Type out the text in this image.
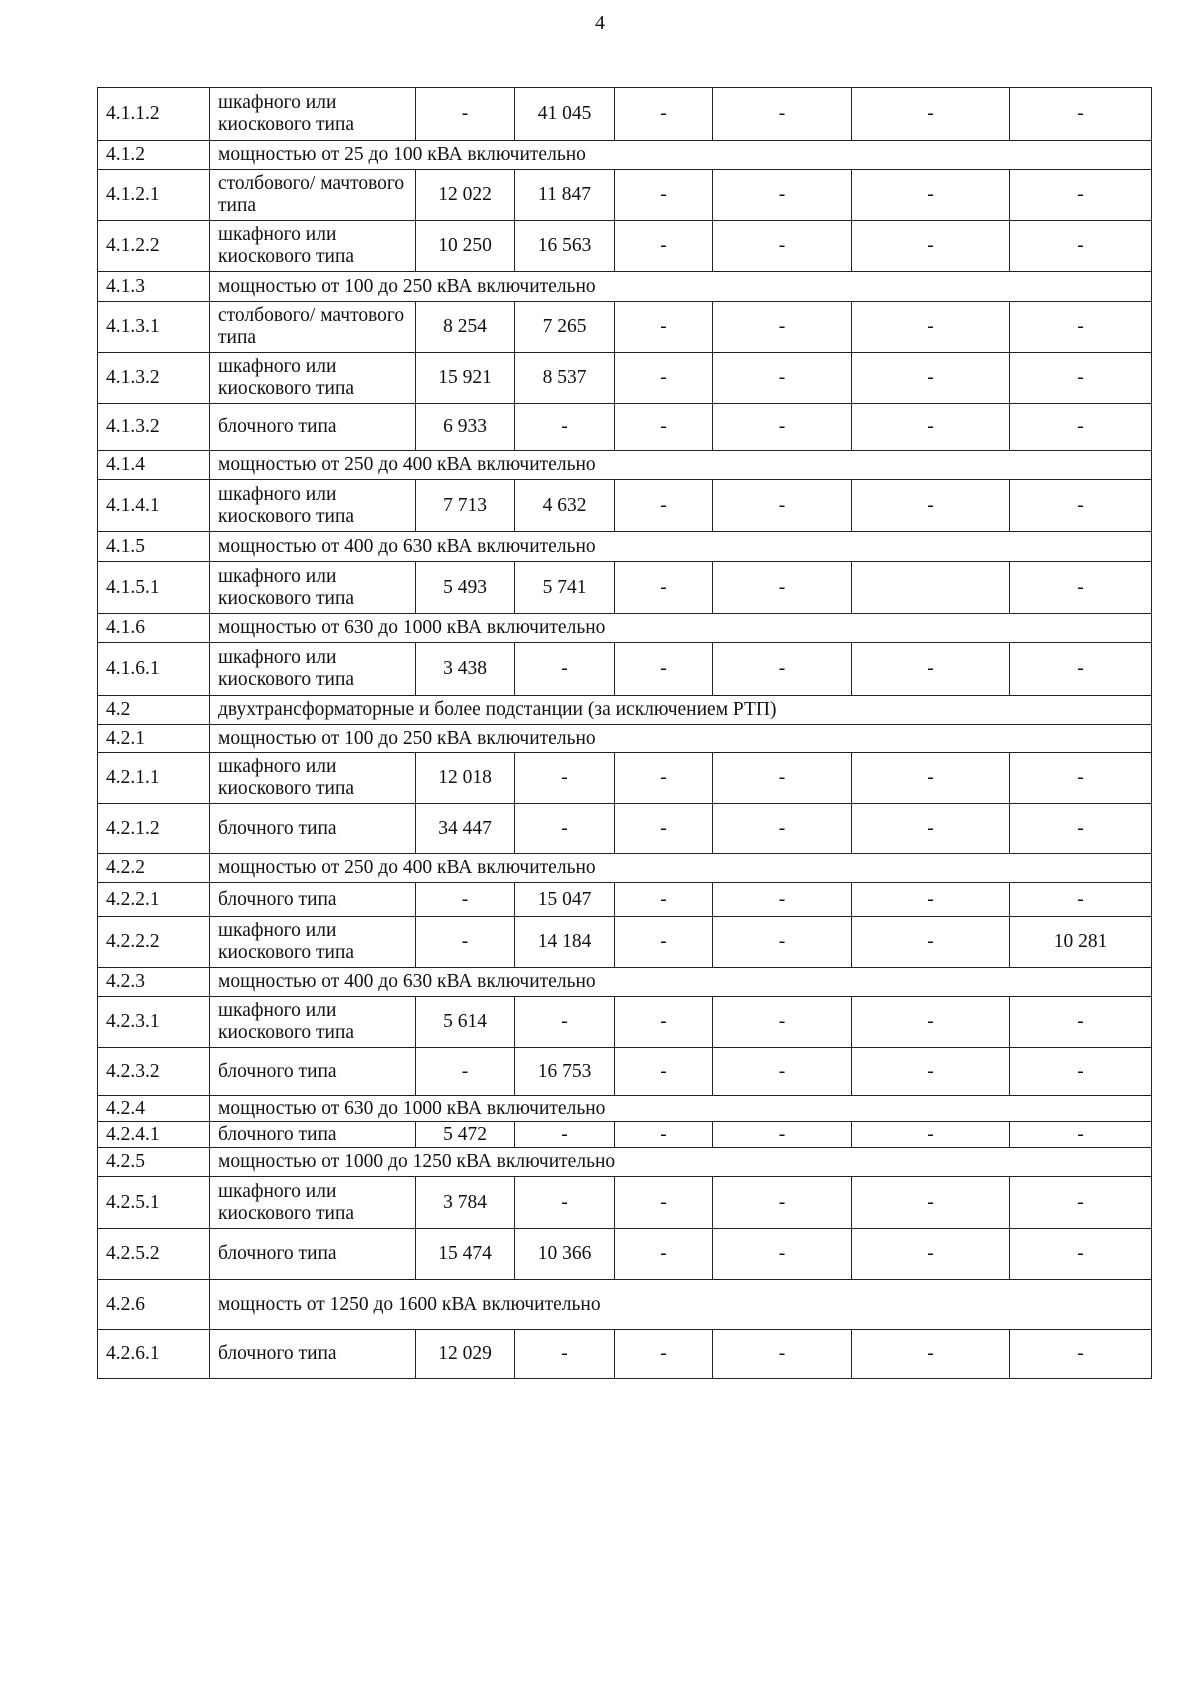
4
4.1.1.2	шкафного или киоскового типа	-	41 045	-	-	-	-
4.1.2	мощностью от 25 до 100 кВА включительно						
4.1.2.1	столбового/ мачтового типа	12 022	11 847	-	-	-	-
4.1.2.2	шкафного или киоскового типа	10 250	16 563	-	-	-	-
4.1.3	мощностью от 100 до 250 кВА включительно						
4.1.3.1	столбового/ мачтового типа	8 254	7 265	-	-	-	-
4.1.3.2	шкафного или киоскового типа	15 921	8 537	-	-	-	-
4.1.3.2	блочного типа	6 933	-	-	-	-	-
4.1.4	мощностью от 250 до 400 кВА включительно						
4.1.4.1	шкафного или киоскового типа	7 713	4 632	-	-	-	-
4.1.5	мощностью от 400 до 630 кВА включительно						
4.1.5.1	шкафного или киоскового типа	5 493	5 741	-	-		-
4.1.6	мощностью от 630 до 1000 кВА включительно						
4.1.6.1	шкафного или киоскового типа	3 438	-	-	-	-	-
4.2	двухтрансформаторные и более подстанции (за исключением РТП)						
4.2.1	мощностью от 100 до 250 кВА включительно						
4.2.1.1	шкафного или киоскового типа	12 018	-	-	-	-	-
4.2.1.2	блочного типа	34 447	-	-	-	-	-
4.2.2	мощностью от 250 до 400 кВА включительно						
4.2.2.1	блочного типа	-	15 047	-	-	-	-
4.2.2.2	шкафного или киоскового типа	-	14 184	-	-	-	10 281
4.2.3	мощностью от 400 до 630 кВА включительно						
4.2.3.1	шкафного или киоскового типа	5 614	-	-	-	-	-
4.2.3.2	блочного типа	-	16 753	-	-	-	-
4.2.4	мощностью от 630 до 1000 кВА включительно						
4.2.4.1	блочного типа	5 472	-	-	-	-	-
4.2.5	мощностью от 1000 до 1250 кВА включительно						
4.2.5.1	шкафного или киоскового типа	3 784	-	-	-	-	-
4.2.5.2	блочного типа	15 474	10 366	-	-	-	-
4.2.6	мощность от 1250 до 1600 кВА включительно						
4.2.6.1	блочного типа	12 029	-	-	-	-	-
